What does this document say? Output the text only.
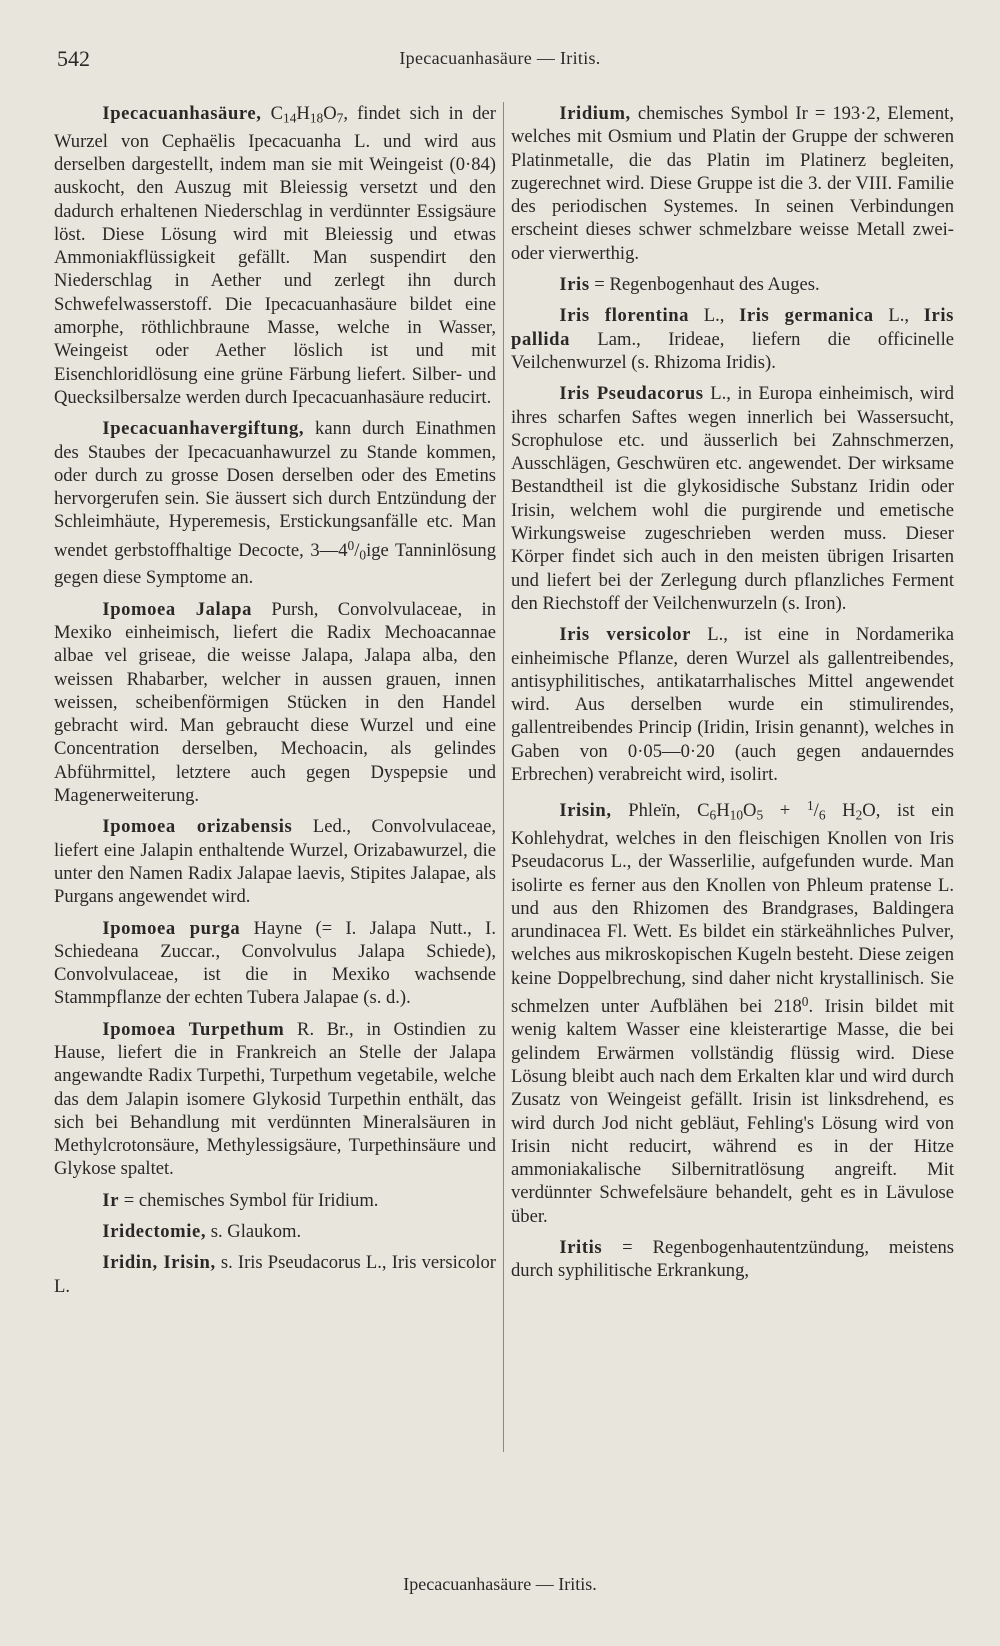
542	Ipecacuanhasäure — Iritis.

Ipecacuanhasäure, $C_{14}H_{18}O_7$, findet sich in der Wurzel von Cephaëlis Ipecacuanha L. und wird aus derselben dargestellt, indem man sie mit Weingeist (0·84) auskocht, den Auszug mit Bleiessig versetzt und den dadurch erhaltenen Niederschlag in verdünnter Essigsäure löst. Diese Lösung wird mit Bleiessig und etwas Ammoniakflüssigkeit gefällt. Man suspendirt den Niederschlag in Aether und zerlegt ihn durch Schwefelwasserstoff. Die Ipecacuanhasäure bildet eine amorphe, röthlichbraune Masse, welche in Wasser, Weingeist oder Aether löslich ist und mit Eisenchloridlösung eine grüne Färbung liefert. Silber- und Quecksilbersalze werden durch Ipecacuanhasäure reducirt.

Ipecacuanhavergiftung, kann durch Einathmen des Staubes der Ipecacuanhawurzel zu Stande kommen, oder durch zu grosse Dosen derselben oder des Emetins hervorgerufen sein. Sie äussert sich durch Entzündung der Schleimhäute, Hyperemesis, Erstickungsanfälle etc. Man wendet gerbstoffhaltige Decocte, $3—4^0/_0ige$ Tanninlösung gegen diese Symptome an.

Ipomoea Jalapa Pursh, Convolvulaceae, in Mexiko einheimisch, liefert die Radix Mechoacannae albae vel griseae, die weisse Jalapa, Jalapa alba, den weissen Rhabarber, welcher in aussen grauen, innen weissen, scheibenförmigen Stücken in den Handel gebracht wird. Man gebraucht diese Wurzel und eine Concentration derselben, Mechoacin, als gelindes Abführmittel, letztere auch gegen Dyspepsie und Magenerweiterung.

Ipomoea orizabensis Led., Convolvulaceae, liefert eine Jalapin enthaltende Wurzel, Orizabawurzel, die unter den Namen Radix Jalapae laevis, Stipites Jalapae, als Purgans angewendet wird.

Ipomoea purga Hayne (= I. Jalapa Nutt., I. Schiedeana Zuccar., Convolvulus Jalapa Schiede), Convolvulaceae, ist die in Mexiko wachsende Stammpflanze der echten Tubera Jalapae (s. d.).

Ipomoea Turpethum R. Br., in Ostindien zu Hause, liefert die in Frankreich an Stelle der Jalapa angewandte Radix Turpethi, Turpethum vegetabile, welche das dem Jalapin isomere Glykosid Turpethin enthält, das sich bei Behandlung mit verdünnten Mineralsäuren in Methylcrotonsäure, Methylessigsäure, Turpethinsäure und Glykose spaltet.

Ir = chemisches Symbol für Iridium.

Iridectomie, s. Glaukom.

Iridin, Irisin, s. Iris Pseudacorus L., Iris versicolor L.

Iridium, chemisches Symbol Ir = 193·2, Element, welches mit Osmium und Platin der Gruppe der schweren Platinmetalle, die das Platin im Platinerz begleiten, zugerechnet wird. Diese Gruppe ist die 3. der VIII. Familie des periodischen Systemes. In seinen Verbindungen erscheint dieses schwer schmelzbare weisse Metall zwei- oder vierwerthig.

Iris = Regenbogenhaut des Auges.

Iris florentina L., Iris germanica L., Iris pallida Lam., Irideae, liefern die officinelle Veilchenwurzel (s. Rhizoma Iridis).

Iris Pseudacorus L., in Europa einheimisch, wird ihres scharfen Saftes wegen innerlich bei Wassersucht, Scrophulose etc. und äusserlich bei Zahnschmerzen, Ausschlägen, Geschwüren etc. angewendet. Der wirksame Bestandtheil ist die glykosidische Substanz Iridin oder Irisin, welchem wohl die purgirende und emetische Wirkungsweise zugeschrieben werden muss. Dieser Körper findet sich auch in den meisten übrigen Irisarten und liefert bei der Zerlegung durch pflanzliches Ferment den Riechstoff der Veilchenwurzeln (s. Iron).

Iris versicolor L., ist eine in Nordamerika einheimische Pflanze, deren Wurzel als gallentreibendes, antisyphilitisches, antikatarrhalisches Mittel angewendet wird. Aus derselben wurde ein stimulirendes, gallentreibendes Princip (Iridin, Irisin genannt), welches in Gaben von 0·05—0·20 (auch gegen andauerndes Erbrechen) verabreicht wird, isolirt.

Irisin, Phleïn, $C_6H_{10}O_5 + ^1/_6$ $H_2O$, ist ein Kohlehydrat, welches in den fleischigen Knollen von Iris Pseudacorus L., der Wasserlilie, aufgefunden wurde. Man isolirte es ferner aus den Knollen von Phleum pratense L. und aus den Rhizomen des Brandgrases, Baldingera arundinacea Fl. Wett. Es bildet ein stärkeähnliches Pulver, welches aus mikroskopischen Kugeln besteht. Diese zeigen keine Doppelbrechung, sind daher nicht krystallinisch. Sie schmelzen unter Aufblähen bei $218^0$. Irisin bildet mit wenig kaltem Wasser eine kleisterartige Masse, die bei gelindem Erwärmen vollständig flüssig wird. Diese Lösung bleibt auch nach dem Erkalten klar und wird durch Zusatz von Weingeist gefällt. Irisin ist linksdrehend, es wird durch Jod nicht gebläut, Fehling's Lösung wird von Irisin nicht reducirt, während es in der Hitze ammoniakalische Silbernitratlösung angreift. Mit verdünnter Schwefelsäure behandelt, geht es in Lävulose über.

Iritis = Regenbogenhautentzündung, meistens durch syphilitische Erkrankung,

Ipecacuanhasäure — Iritis.
